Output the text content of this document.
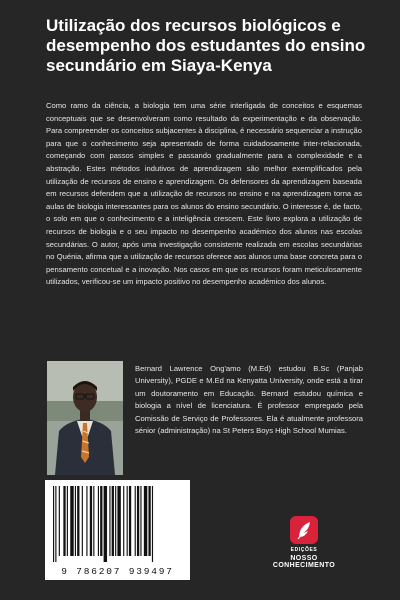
Utilização dos recursos biológicos e desempenho dos estudantes do ensino secundário em Siaya-Kenya

Como ramo da ciência, a biologia tem uma série interligada de conceitos e esquemas conceptuais que se desenvolveram como resultado da experimentação e da observação. Para compreender os conceitos subjacentes à disciplina, é necessário sequenciar a instrução para que o conhecimento seja apresentado de forma cuidadosamente inter-relacionada, começando com passos simples e passando gradualmente para a complexidade e a abstração. Estes métodos indutivos de aprendizagem são melhor exemplificados pela utilização de recursos de ensino e aprendizagem. Os defensores da aprendizagem baseada em recursos defendem que a utilização de recursos no ensino e na aprendizagem torna as aulas de biologia interessantes para os alunos do ensino secundário. O interesse é, de facto, o solo em que o conhecimento e a inteligência crescem. Este livro explora a utilização de recursos de biologia e o seu impacto no desempenho académico dos alunos nas escolas secundárias. O autor, após uma investigação consistente realizada em escolas secundárias no Quénia, afirma que a utilização de recursos oferece aos alunos uma base concreta para o pensamento concetual e a inovação. Nos casos em que os recursos foram meticulosamente utilizados, verificou-se um impacto positivo no desempenho académico dos alunos.

Bernard Lawrence Ong'amo (M.Ed) estudou B.Sc (Panjab University), PGDE e M.Ed na Kenyatta University, onde está a tirar um doutoramento em Educação. Bernard estudou química e biologia a nível de licenciatura. É professor empregado pela Comissão de Serviço de Professores. Ela é atualmente professora sénior (administração) na St Peters Boys High School Mumias.

9 786207 939497
EDIÇÕES
NOSSO CONHECIMENTO
